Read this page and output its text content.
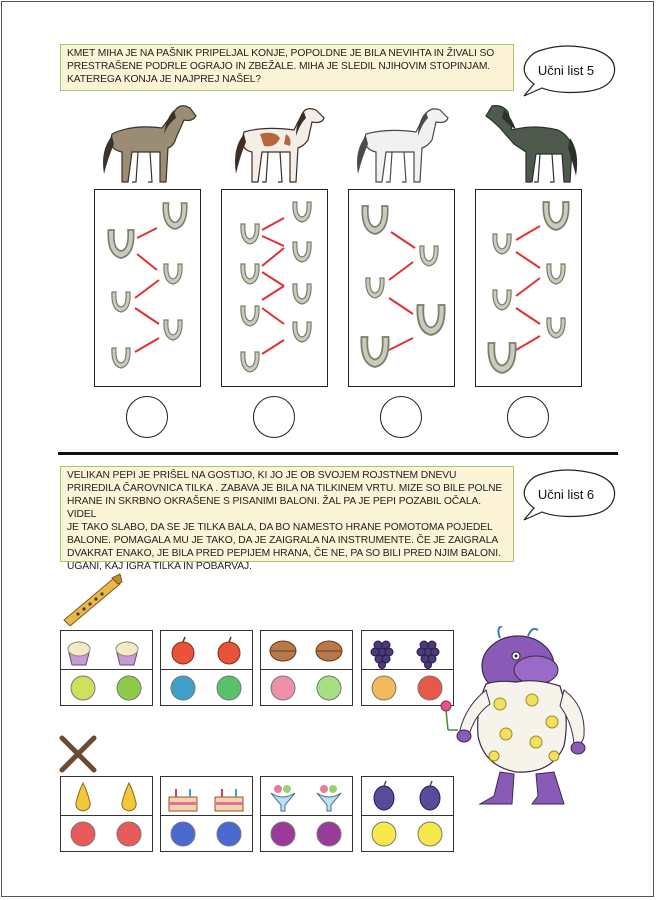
KMET MIHA JE NA PAŠNIK PRIPELJAL KONJE, POPOLDNE JE BILA NEVIHTA IN ŽIVALI SO

PRESTRAŠENE PODRLE OGRAJO IN ZBEŽALE. MIHA JE SLEDIL NJIHOVIM STOPINJAM.

KATEREGA KONJA JE NAJPREJ NAŠEL?

Učni list 5

VELIKAN PEPI JE PRIŠEL NA GOSTIJO, KI JO JE OB SVOJEM ROJSTNEM DNEVU

PRIREDILA ČAROVNICA TILKA . ZABAVA JE BILA NA TILKINEM VRTU. MIZE SO BILE POLNE

HRANE IN SKRBNO OKRAŠENE S PISANIMI BALONI. ŽAL PA JE PEPI POZABIL OČALA. VIDEL

JE TAKO SLABO, DA SE JE TILKA BALA, DA BO NAMESTO HRANE POMOTOMA POJEDEL

BALONE. POMAGALA MU JE TAKO, DA JE ZAIGRALA NA INSTRUMENTE. ČE JE ZAIGRALA

DVAKRAT ENAKO, JE BILA PRED PEPIJEM HRANA, ČE NE, PA SO BILI PRED NJIM BALONI.

UGANI, KAJ IGRA TILKA IN POBARVAJ.

Učni list 6
